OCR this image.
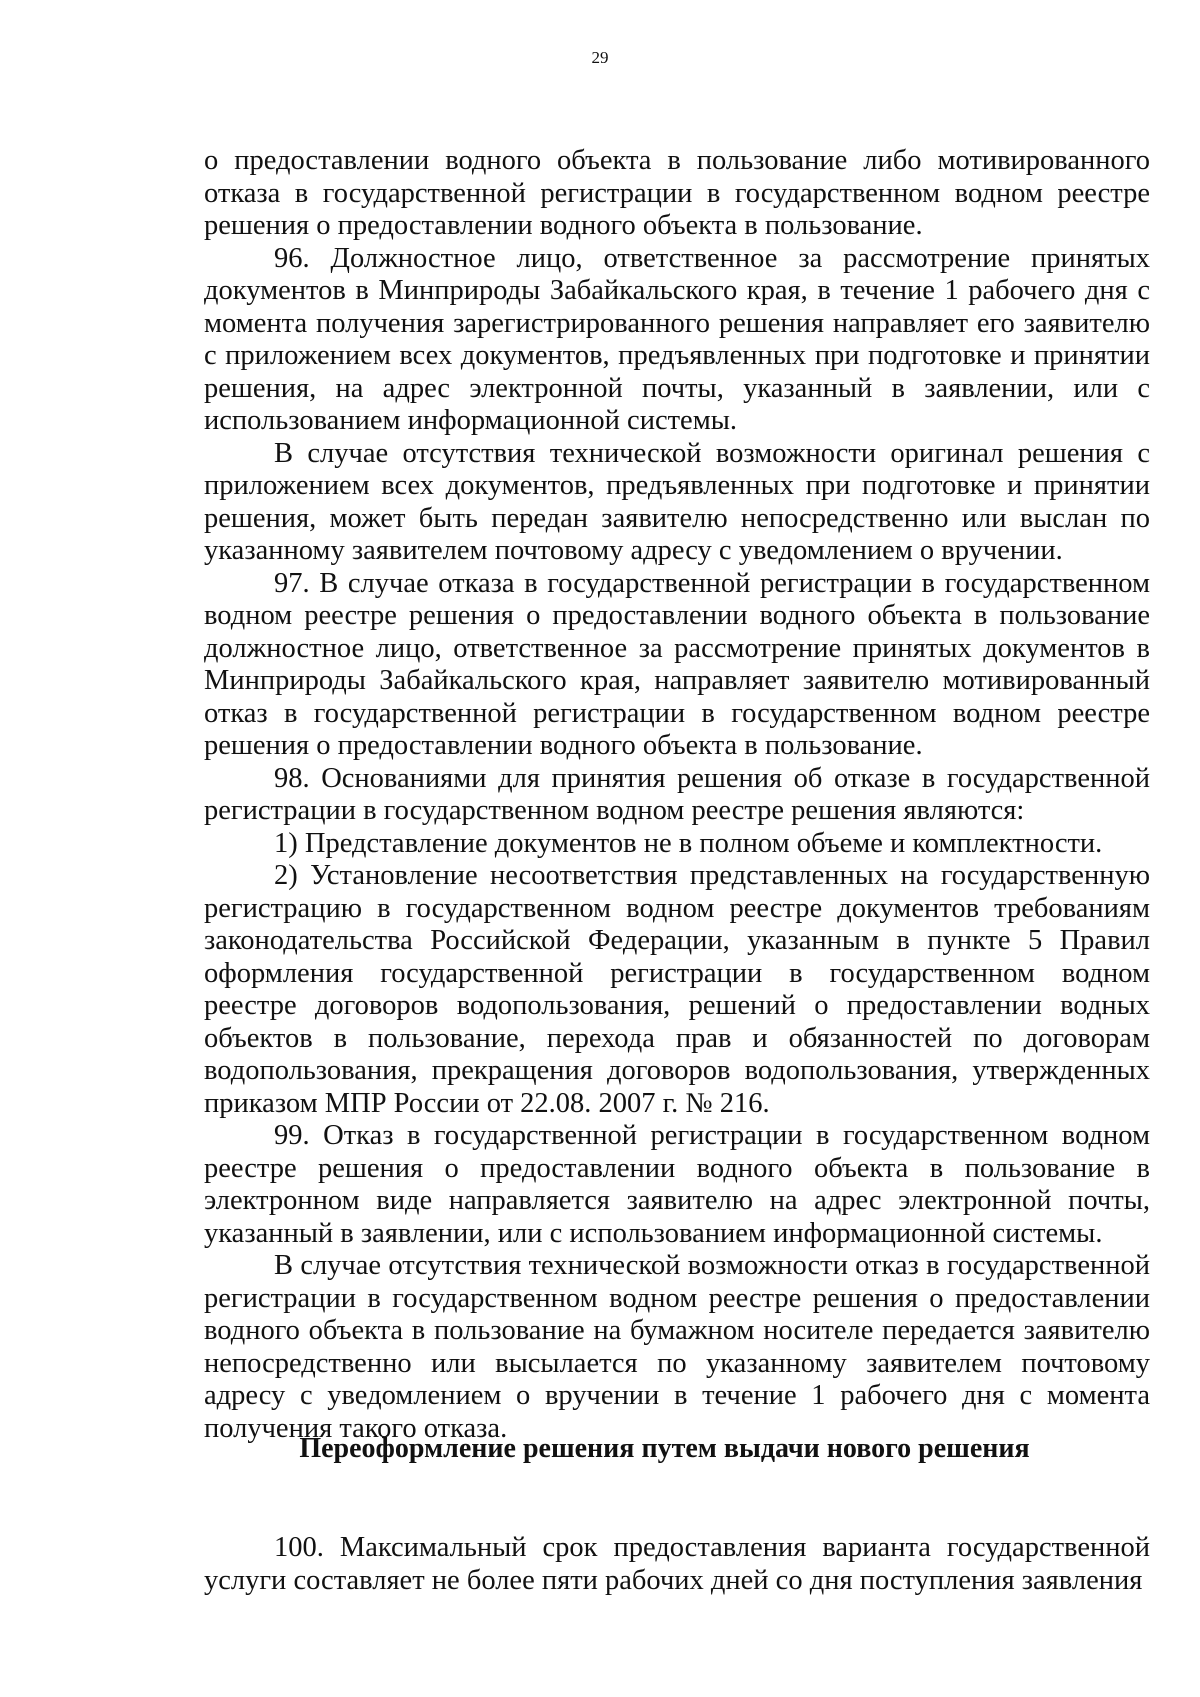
29

о предоставлении водного объекта в пользование либо мотивированного отказа в государственной регистрации в государственном водном реестре решения о предоставлении водного объекта в пользование.

96. Должностное лицо, ответственное за рассмотрение принятых документов в Минприроды Забайкальского края, в течение 1 рабочего дня с момента получения зарегистрированного решения направляет его заявителю с приложением всех документов, предъявленных при подготовке и принятии решения, на адрес электронной почты, указанный в заявлении, или с использованием информационной системы.

В случае отсутствия технической возможности оригинал решения с приложением всех документов, предъявленных при подготовке и принятии решения, может быть передан заявителю непосредственно или выслан по указанному заявителем почтовому адресу с уведомлением о вручении.

97. В случае отказа в государственной регистрации в государственном водном реестре решения о предоставлении водного объекта в пользование должностное лицо, ответственное за рассмотрение принятых документов в Минприроды Забайкальского края, направляет заявителю мотивированный отказ в государственной регистрации в государственном водном реестре решения о предоставлении водного объекта в пользование.

98. Основаниями для принятия решения об отказе в государственной регистрации в государственном водном реестре решения являются:

1) Представление документов не в полном объеме и комплектности.

2) Установление несоответствия представленных на государственную регистрацию в государственном водном реестре документов требованиям законодательства Российской Федерации, указанным в пункте 5 Правил оформления государственной регистрации в государственном водном реестре договоров водопользования, решений о предоставлении водных объектов в пользование, перехода прав и обязанностей по договорам водопользования, прекращения договоров водопользования, утвержденных приказом МПР России от 22.08. 2007 г. № 216.

99. Отказ в государственной регистрации в государственном водном реестре решения о предоставлении водного объекта в пользование в электронном виде направляется заявителю на адрес электронной почты, указанный в заявлении, или с использованием информационной системы.

В случае отсутствия технической возможности отказ в государственной регистрации в государственном водном реестре решения о предоставлении водного объекта в пользование на бумажном носителе передается заявителю непосредственно или высылается по указанному заявителем почтовому адресу с уведомлением о вручении в течение 1 рабочего дня с момента получения такого отказа.

Переоформление решения путем выдачи нового решения

100. Максимальный срок предоставления варианта государственной услуги составляет не более пяти рабочих дней со дня поступления заявления
